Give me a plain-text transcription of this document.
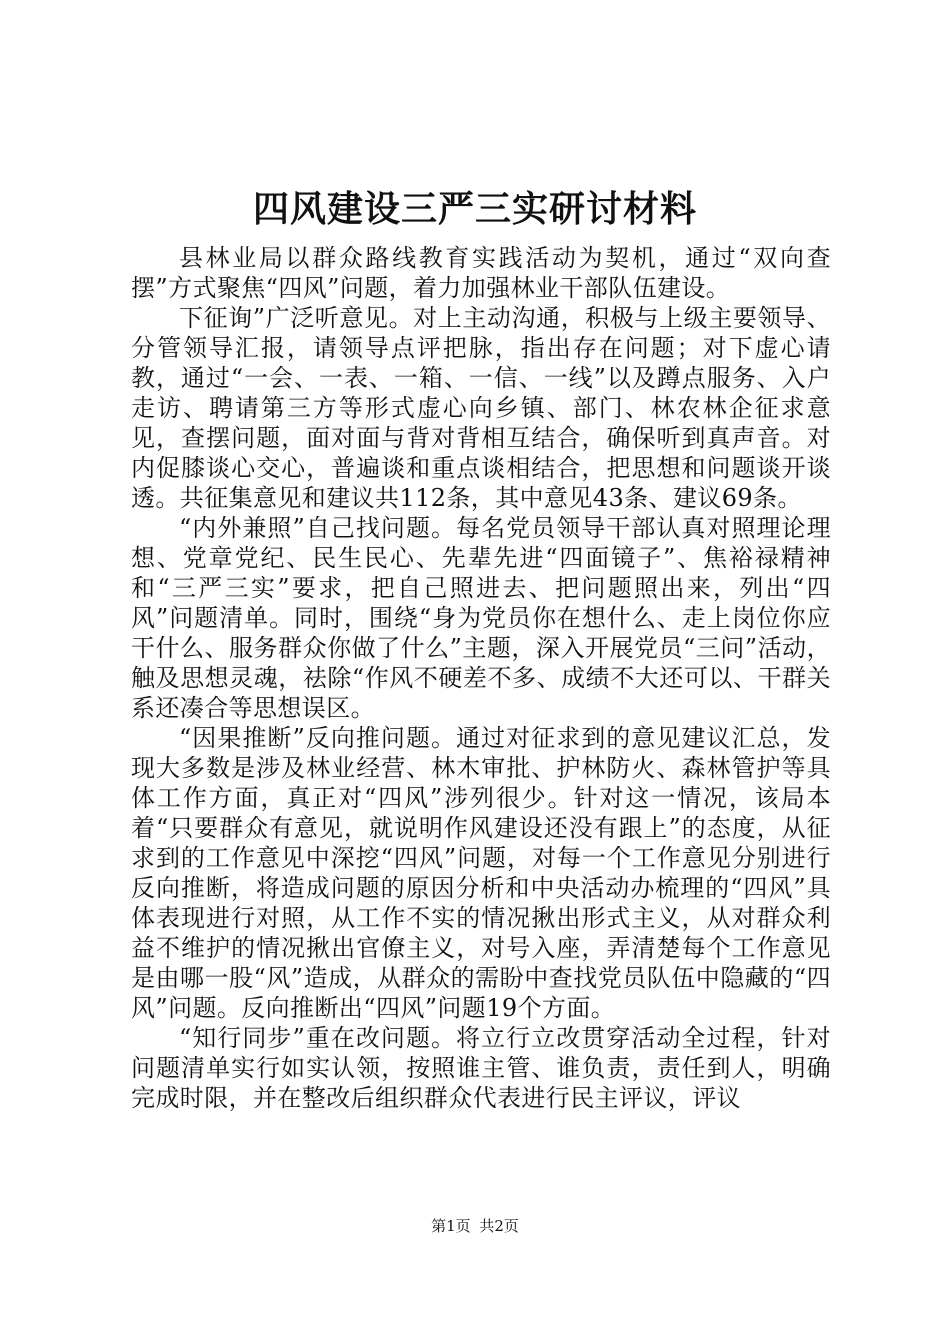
四风建设三严三实研讨材料

县林业局以群众路线教育实践活动为契机，通过“双向查摆”方式聚焦“四风”问题，着力加强林业干部队伍建设。

下征询”广泛听意见。对上主动沟通，积极与上级主要领导、分管领导汇报，请领导点评把脉，指出存在问题；对下虚心请教，通过“一会、一表、一箱、一信、一线”以及蹲点服务、入户走访、聘请第三方等形式虚心向乡镇、部门、林农林企征求意见，查摆问题，面对面与背对背相互结合，确保听到真声音。对内促膝谈心交心，普遍谈和重点谈相结合，把思想和问题谈开谈透。共征集意见和建议共112条，其中意见43条、建议69条。

“内外兼照”自己找问题。每名党员领导干部认真对照理论理想、党章党纪、民生民心、先辈先进“四面镜子”、焦裕禄精神和“三严三实”要求，把自己照进去、把问题照出来，列出“四风”问题清单。同时，围绕“身为党员你在想什么、走上岗位你应干什么、服务群众你做了什么”主题，深入开展党员“三问”活动，触及思想灵魂，祛除“作风不硬差不多、成绩不大还可以、干群关系还凑合等思想误区。

“因果推断”反向推问题。通过对征求到的意见建议汇总，发现大多数是涉及林业经营、林木审批、护林防火、森林管护等具体工作方面，真正对“四风”涉列很少。针对这一情况，该局本着“只要群众有意见，就说明作风建设还没有跟上”的态度，从征求到的工作意见中深挖“四风”问题，对每一个工作意见分别进行反向推断，将造成问题的原因分析和中央活动办梳理的“四风”具体表现进行对照，从工作不实的情况揪出形式主义，从对群众利益不维护的情况揪出官僚主义，对号入座，弄清楚每个工作意见是由哪一股“风”造成，从群众的需盼中查找党员队伍中隐藏的“四风”问题。反向推断出“四风”问题19个方面。

“知行同步”重在改问题。将立行立改贯穿活动全过程，针对问题清单实行如实认领，按照谁主管、谁负责，责任到人，明确完成时限，并在整改后组织群众代表进行民主评议，评议

第1页 共2页
